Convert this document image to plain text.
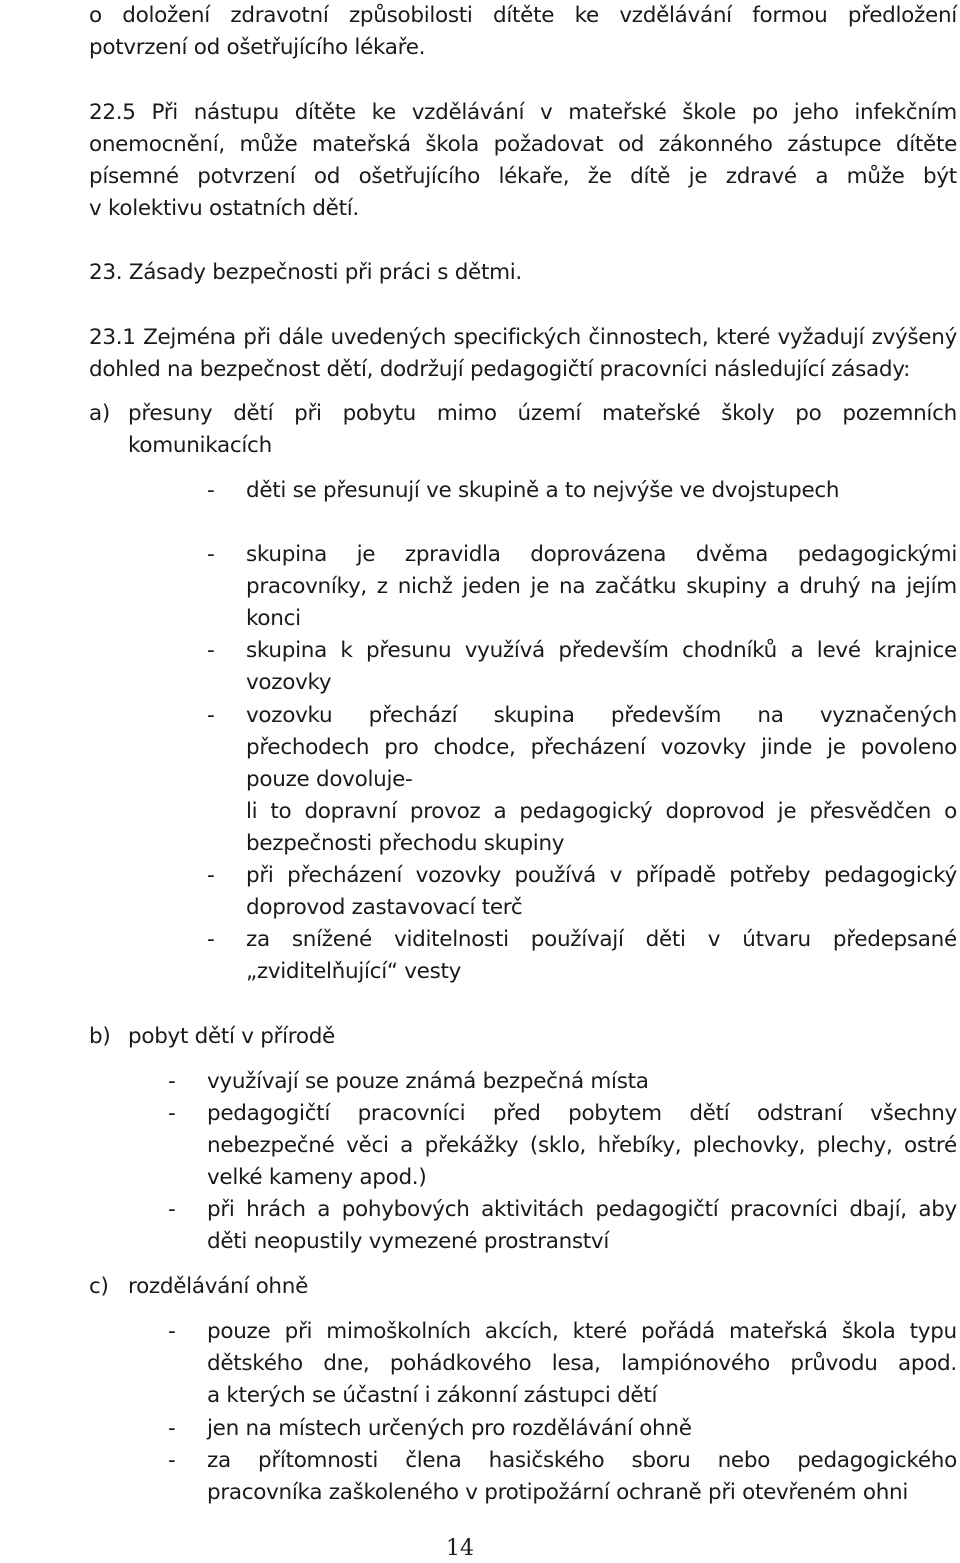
o doložení zdravotní způsobilosti dítěte ke vzdělávání formou předložení
potvrzení od ošetřujícího lékaře.
22.5 Při nástupu dítěte ke vzdělávání v mateřské škole po jeho infekčním
onemocnění, může mateřská škola požadovat od zákonného zástupce dítěte
písemné potvrzení od ošetřujícího lékaře, že dítě je zdravé a může být
v kolektivu ostatních dětí.
23. Zásady bezpečnosti při práci s dětmi.
23.1 Zejména při dále uvedených specifických činnostech, které vyžadují zvýšený
dohled na bezpečnost dětí, dodržují pedagogičtí pracovníci následující zásady:
a) přesuny dětí při pobytu mimo území mateřské školy po pozemních
komunikacích
- děti se přesunují ve skupině a to nejvýše ve dvojstupech
- skupina je zpravidla doprovázena dvěma pedagogickými
pracovníky, z nichž jeden je na začátku skupiny a druhý na jejím
konci
- skupina k přesunu využívá především chodníků a levé krajnice
vozovky
- vozovku přechází skupina především na vyznačených
přechodech pro chodce, přecházení vozovky jinde je povoleno
pouze dovoluje-
li to dopravní provoz a pedagogický doprovod je přesvědčen o
bezpečnosti přechodu skupiny
- při přecházení vozovky používá v případě potřeby pedagogický
doprovod zastavovací terč
- za snížené viditelnosti používají děti v útvaru předepsané
„zviditelňující“ vesty
b) pobyt dětí v přírodě
- využívají se pouze známá bezpečná místa
- pedagogičtí pracovníci před pobytem dětí odstraní všechny
nebezpečné věci a překážky (sklo, hřebíky, plechovky, plechy, ostré
velké kameny apod.)
- při hrách a pohybových aktivitách pedagogičtí pracovníci dbají, aby
děti neopustily vymezené prostranství
c) rozdělávání ohně
- pouze při mimoškolních akcích, které pořádá mateřská škola typu
dětského dne, pohádkového lesa, lampiónového průvodu apod.
a kterých se účastní i zákonní zástupci dětí
- jen na místech určených pro rozdělávání ohně
- za přítomnosti člena hasičského sboru nebo pedagogického
pracovníka zaškoleného v protipožární ochraně při otevřeném ohni
14
